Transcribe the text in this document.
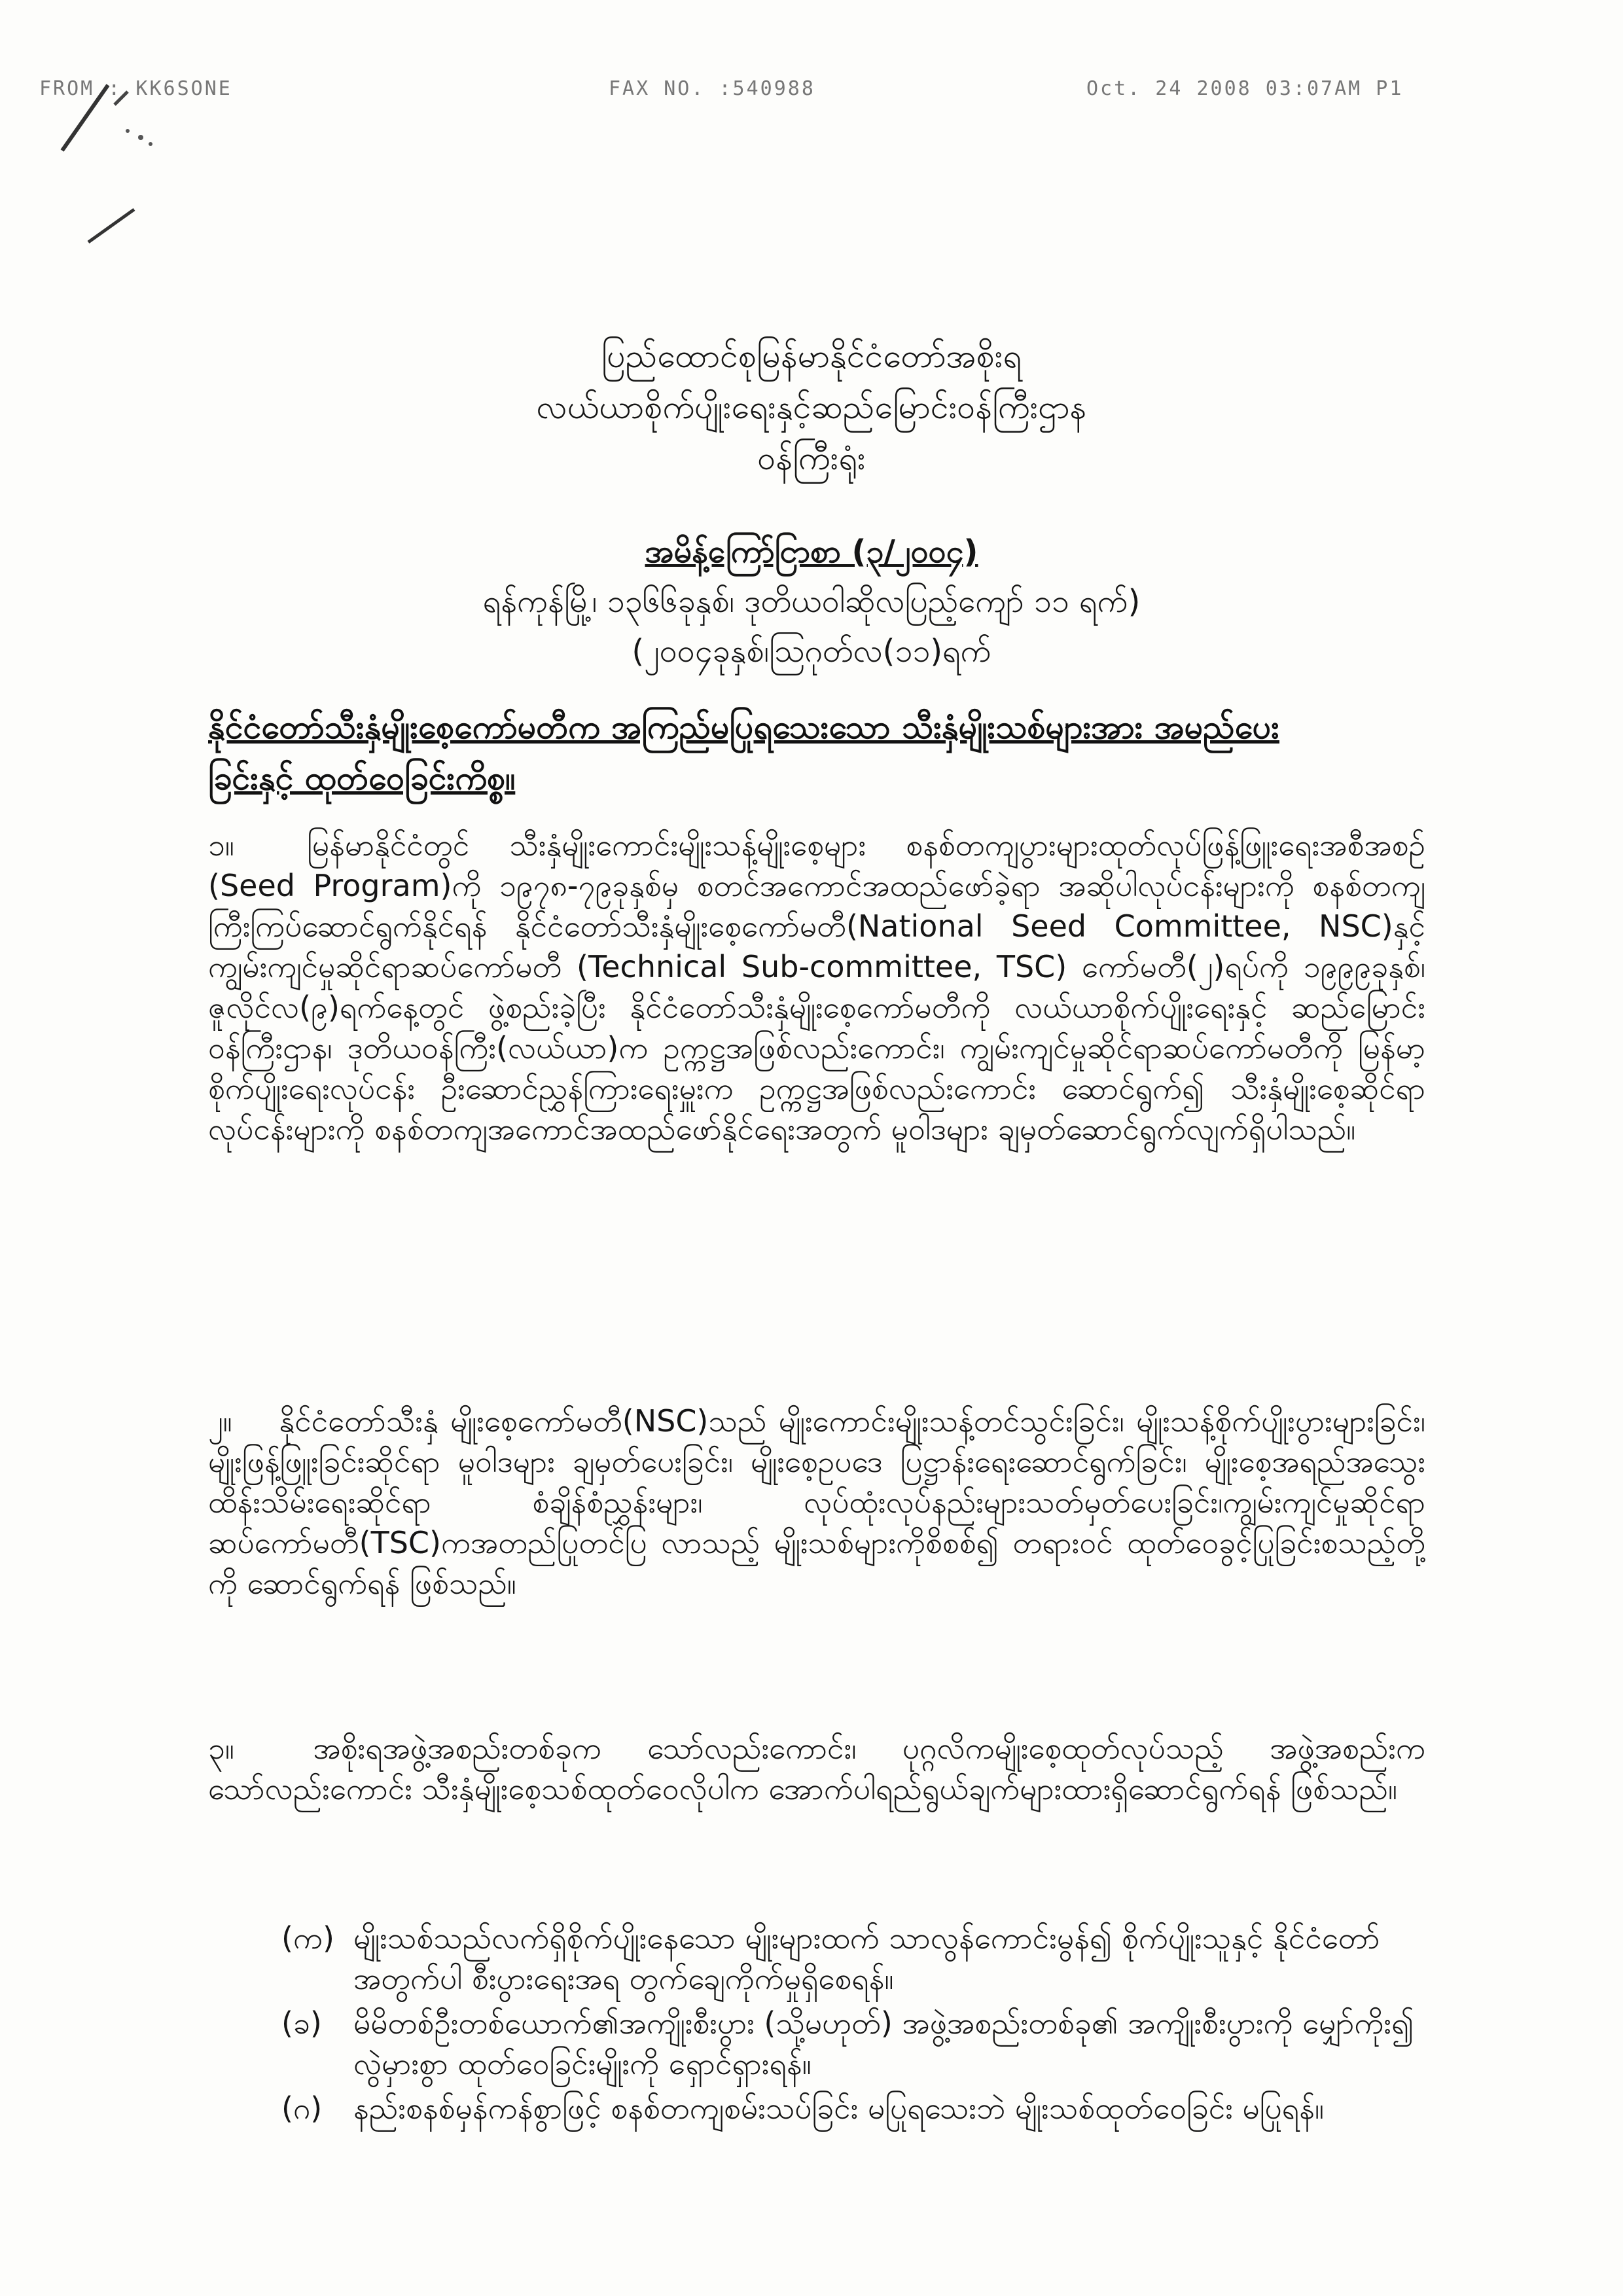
FROM : KK6SONE	FAX NO. :540988	Oct. 24 2008 03:07AM P1
ပြည်ထောင်စုမြန်မာနိုင်ငံတော်အစိုးရ
လယ်ယာစိုက်ပျိုးရေးနှင့်ဆည်မြောင်းဝန်ကြီးဌာန
ဝန်ကြီးရုံး
အမိန့်ကြော်ငြာစာ (၃/၂၀၀၄)
ရန်ကုန်မြို့၊ ၁၃၆၆ခုနှစ်၊ ဒုတိယဝါဆိုလပြည့်ကျော် ၁၁ ရက်)
(၂၀၀၄ခုနှစ်၊ဩဂုတ်လ(၁၁)ရက်
နိုင်ငံတော်သီးနှံမျိုးစေ့ကော်မတီက အကြည်မပြုရသေးသော သီးနှံမျိုးသစ်များအား အမည်ပေးခြင်းနှင့် ထုတ်ဝေခြင်းကိစ္စ။
၁။ မြန်မာနိုင်ငံတွင် သီးနှံမျိုးကောင်းမျိုးသန့်မျိုးစေ့များ စနစ်တကျပွားများထုတ်လုပ်ဖြန့်ဖြူးရေးအစီအစဉ် (Seed Program)ကို ၁၉၇၈-၇၉ခုနှစ်မှ စတင်အကောင်အထည်ဖော်ခဲ့ရာ အဆိုပါလုပ်ငန်းများကို စနစ်တကျကြီးကြပ်ဆောင်ရွက်နိုင်ရန် နိုင်ငံတော်သီးနှံမျိုးစေ့ကော်မတီ(National Seed Committee, NSC)နှင့် ကျွမ်းကျင်မှုဆိုင်ရာဆပ်ကော်မတီ (Technical Sub-committee, TSC) ကော်မတီ(၂)ရပ်ကို ၁၉၉၉ခုနှစ်၊ ဇူလိုင်လ(၉)ရက်နေ့တွင် ဖွဲ့စည်းခဲ့ပြီး နိုင်ငံတော်သီးနှံမျိုးစေ့ကော်မတီကို လယ်ယာစိုက်ပျိုးရေးနှင့် ဆည်မြောင်းဝန်ကြီးဌာန၊ ဒုတိယဝန်ကြီး(လယ်ယာ)က ဥက္ကဋ္ဌအဖြစ်လည်းကောင်း၊ ကျွမ်းကျင်မှုဆိုင်ရာဆပ်ကော်မတီကို မြန်မာ့စိုက်ပျိုးရေးလုပ်ငန်း ဦးဆောင်ညွှန်ကြားရေးမှူးက ဥက္ကဋ္ဌအဖြစ်လည်းကောင်း ဆောင်ရွက်၍ သီးနှံမျိုးစေ့ဆိုင်ရာ လုပ်ငန်းများကို စနစ်တကျအကောင်အထည်ဖော်နိုင်ရေးအတွက် မူဝါဒများ ချမှတ်ဆောင်ရွက်လျက်ရှိပါသည်။
၂။ နိုင်ငံတော်သီးနှံ မျိုးစေ့ကော်မတီ(NSC)သည် မျိုးကောင်းမျိုးသန့်တင်သွင်းခြင်း၊ မျိုးသန့်စိုက်ပျိုးပွားများခြင်း၊ မျိုးဖြန့်ဖြူးခြင်းဆိုင်ရာ မူဝါဒများ ချမှတ်ပေးခြင်း၊ မျိုးစေ့ဥပဒေ ပြဋ္ဌာန်းရေးဆောင်ရွက်ခြင်း၊ မျိုးစေ့အရည်အသွေးထိန်းသိမ်းရေးဆိုင်ရာ စံချိန်စံညွှန်းများ၊ လုပ်ထုံးလုပ်နည်းများသတ်မှတ်ပေးခြင်း၊ကျွမ်းကျင်မှုဆိုင်ရာဆပ်ကော်မတီ(TSC)ကအတည်ပြုတင်ပြ လာသည့် မျိုးသစ်များကိုစိစစ်၍ တရားဝင် ထုတ်ဝေခွင့်ပြုခြင်းစသည့်တို့ကို ဆောင်ရွက်ရန် ဖြစ်သည်။
၃။	အစိုးရအဖွဲ့အစည်းတစ်ခုက သော်လည်းကောင်း၊ ပုဂ္ဂလိကမျိုးစေ့ထုတ်လုပ်သည့် အဖွဲ့အစည်းက သော်လည်းကောင်း သီးနှံမျိုးစေ့သစ်ထုတ်ဝေလိုပါက အောက်ပါရည်ရွယ်ချက်များထားရှိဆောင်ရွက်ရန် ဖြစ်သည်။
(က) မျိုးသစ်သည်လက်ရှိစိုက်ပျိုးနေသော မျိုးများထက် သာလွန်ကောင်းမွန်၍ စိုက်ပျိုးသူနှင့် နိုင်ငံတော်အတွက်ပါ စီးပွားရေးအရ တွက်ချေကိုက်မှုရှိစေရန်။
(ခ)	မိမိတစ်ဦးတစ်ယောက်၏အကျိုးစီးပွား (သို့မဟုတ်) အဖွဲ့အစည်းတစ်ခု၏ အကျိုးစီးပွားကို မျှော်ကိုး၍ လွဲမှားစွာ ထုတ်ဝေခြင်းမျိုးကို ရှောင်ရှားရန်။
(ဂ)	နည်းစနစ်မှန်ကန်စွာဖြင့် စနစ်တကျစမ်းသပ်ခြင်း မပြုရသေးဘဲ မျိုးသစ်ထုတ်ဝေခြင်း မပြုရန်။
